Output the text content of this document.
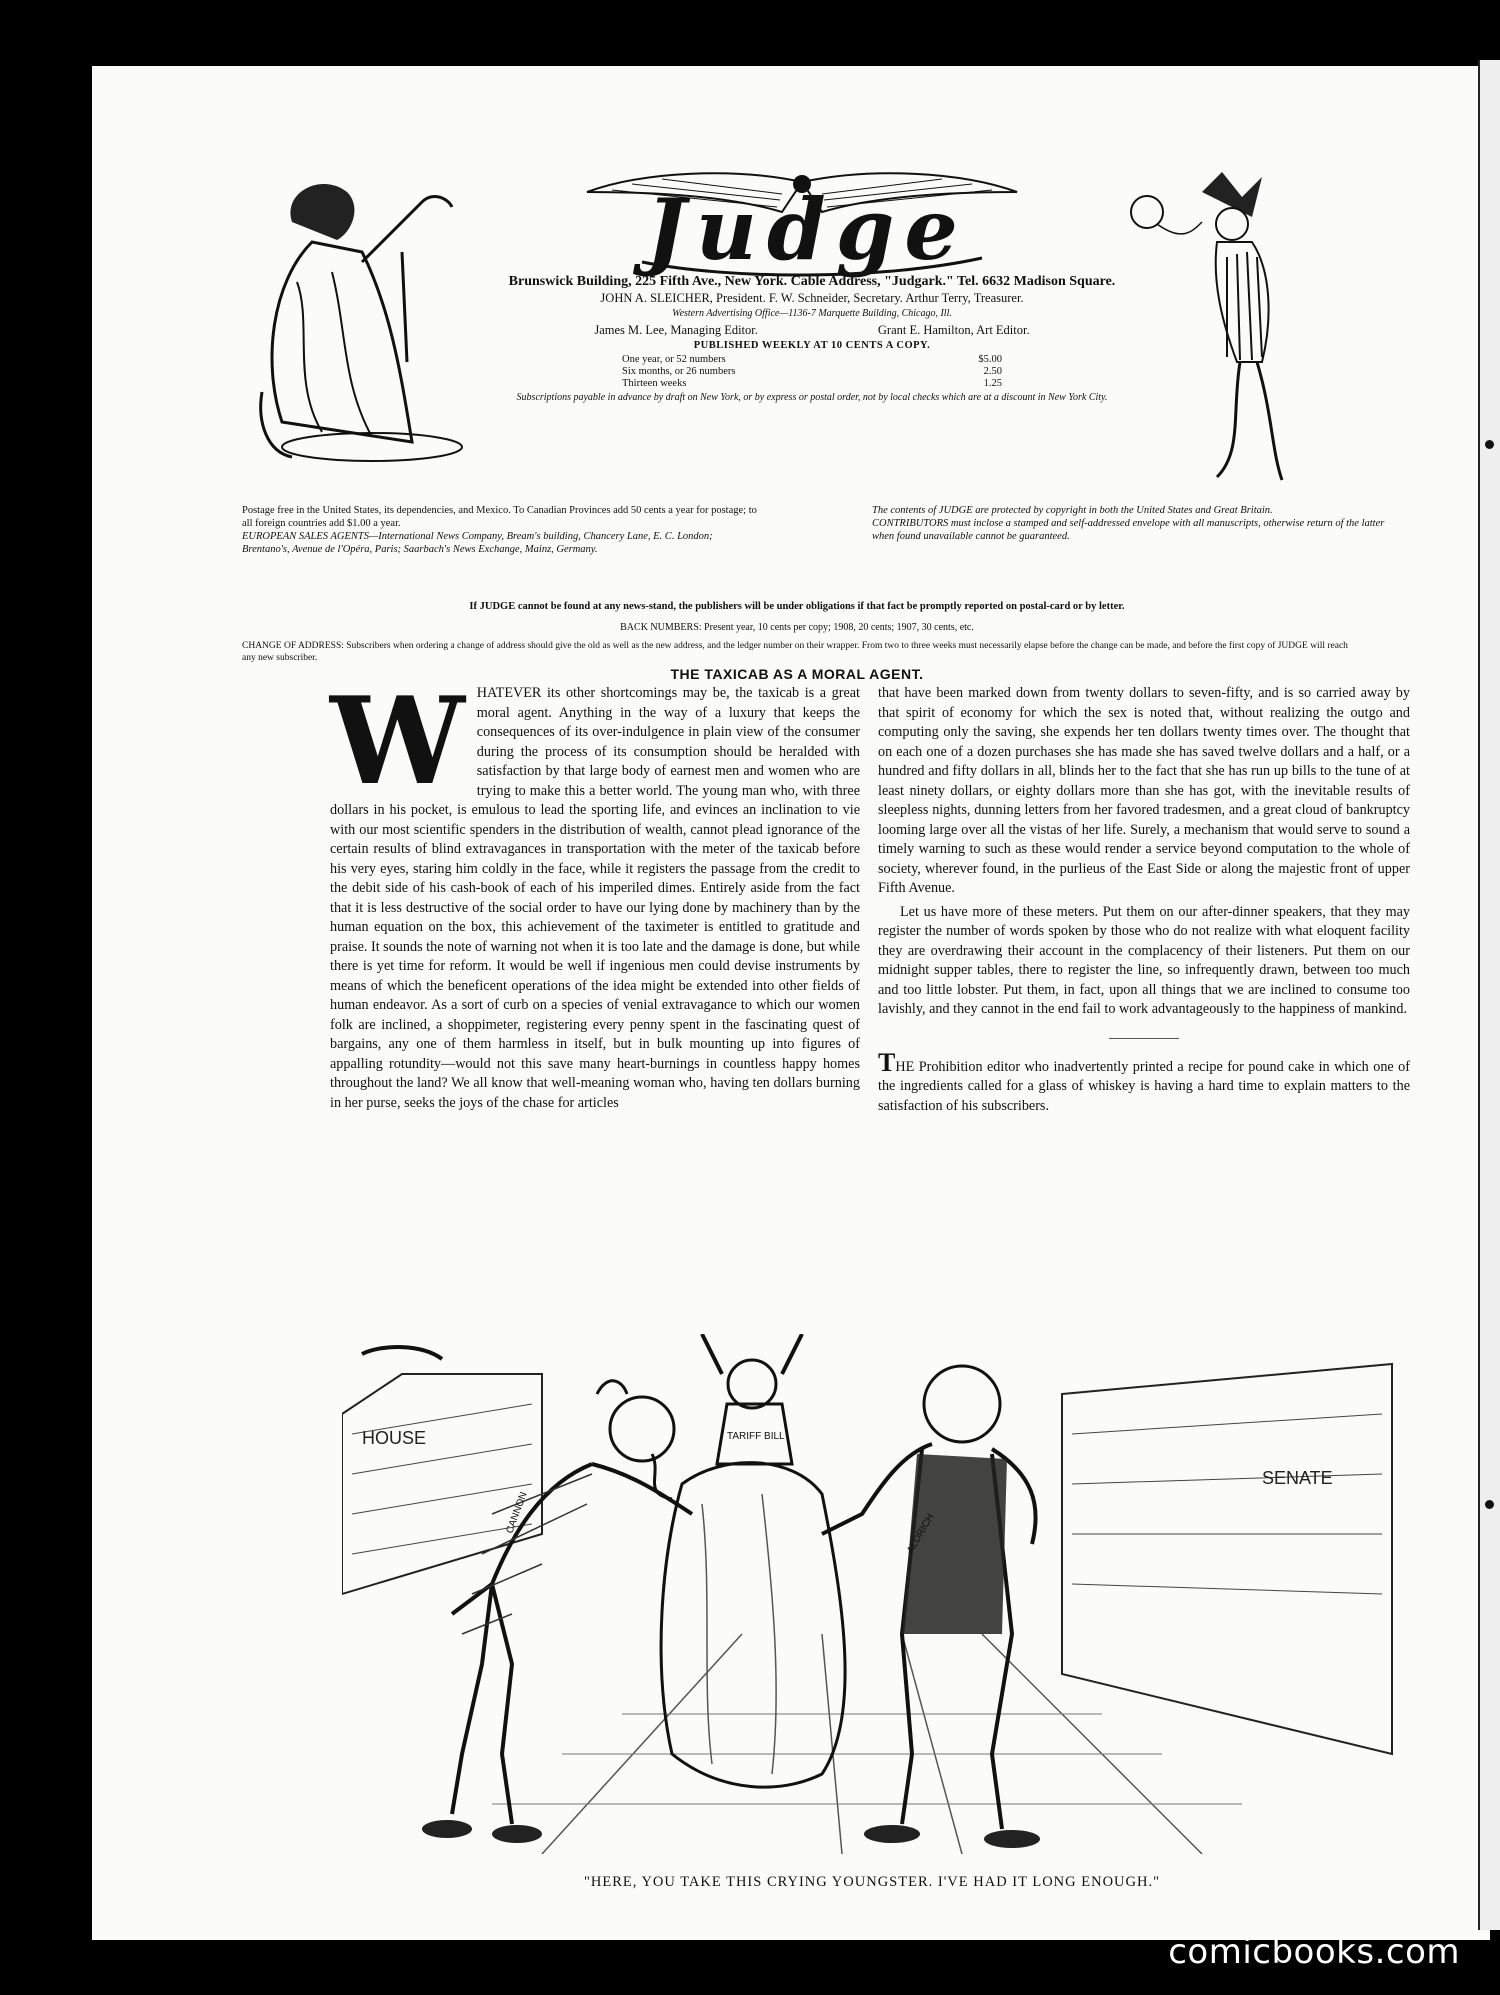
Judge
Brunswick Building, 225 Fifth Ave., New York. Cable Address, "Judgark." Tel. 6632 Madison Square.
JOHN A. SLEICHER, President. F. W. Schneider, Secretary. Arthur Terry, Treasurer.
Western Advertising Office—1136-7 Marquette Building, Chicago, Ill.
James M. Lee, Managing Editor.	Grant E. Hamilton, Art Editor.
PUBLISHED WEEKLY AT 10 CENTS A COPY.
One year, or 52 numbers	$5.00
Six months, or 26 numbers	2.50
Thirteen weeks	1.25
Subscriptions payable in advance by draft on New York, or by express or postal order, not by local checks which are at a discount in New York City.
Postage free in the United States, its dependencies, and Mexico. To Canadian Provinces add 50 cents a year for postage; to all foreign countries add $1.00 a year.
EUROPEAN SALES AGENTS—International News Company, Bream's building, Chancery Lane, E. C. London; Brentano's, Avenue de l'Opéra, Paris; Saarbach's News Exchange, Mainz, Germany.
The contents of JUDGE are protected by copyright in both the United States and Great Britain.
CONTRIBUTORS must inclose a stamped and self-addressed envelope with all manuscripts, otherwise return of the latter when found unavailable cannot be guaranteed.
If JUDGE cannot be found at any news-stand, the publishers will be under obligations if that fact be promptly reported on postal-card or by letter.
BACK NUMBERS: Present year, 10 cents per copy; 1908, 20 cents; 1907, 30 cents, etc.
CHANGE OF ADDRESS: Subscribers when ordering a change of address should give the old as well as the new address, and the ledger number on their wrapper. From two to three weeks must necessarily elapse before the change can be made, and before the first copy of JUDGE will reach any new subscriber.
THE TAXICAB AS A MORAL AGENT.
W HATEVER its other shortcomings may be, the taxicab is a great moral agent. Anything in the way of a luxury that keeps the consequences of its over-indulgence in plain view of the consumer during the process of its consumption should be heralded with satisfaction by that large body of earnest men and women who are trying to make this a better world. The young man who, with three dollars in his pocket, is emulous to lead the sporting life, and evinces an inclination to vie with our most scientific spenders in the distribution of wealth, cannot plead ignorance of the certain results of blind extravagances in transportation with the meter of the taxicab before his very eyes, staring him coldly in the face, while it registers the passage from the credit to the debit side of his cash-book of each of his imperiled dimes. Entirely aside from the fact that it is less destructive of the social order to have our lying done by machinery than by the human equation on the box, this achievement of the taximeter is entitled to gratitude and praise. It sounds the note of warning not when it is too late and the damage is done, but while there is yet time for reform. It would be well if ingenious men could devise instruments by means of which the beneficent operations of the idea might be extended into other fields of human endeavor. As a sort of curb on a species of venial extravagance to which our women folk are inclined, a shoppimeter, registering every penny spent in the fascinating quest of bargains, any one of them harmless in itself, but in bulk mounting up into figures of appalling rotundity—would not this save many heart-burnings in countless happy homes throughout the land? We all know that well-meaning woman who, having ten dollars burning in her purse, seeks the joys of the chase for articles

that have been marked down from twenty dollars to seven-fifty, and is so carried away by that spirit of economy for which the sex is noted that, without realizing the outgo and computing only the saving, she expends her ten dollars twenty times over. The thought that on each one of a dozen purchases she has made she has saved twelve dollars and a half, or a hundred and fifty dollars in all, blinds her to the fact that she has run up bills to the tune of at least ninety dollars, or eighty dollars more than she has got, with the inevitable results of sleepless nights, dunning letters from her favored tradesmen, and a great cloud of bankruptcy looming large over all the vistas of her life. Surely, a mechanism that would serve to sound a timely warning to such as these would render a service beyond computation to the whole of society, wherever found, in the purlieus of the East Side or along the majestic front of upper Fifth Avenue.

Let us have more of these meters. Put them on our after-dinner speakers, that they may register the number of words spoken by those who do not realize with what eloquent facility they are overdrawing their account in the complacency of their listeners. Put them on our midnight supper tables, there to register the line, so infrequently drawn, between too much and too little lobster. Put them, in fact, upon all things that we are inclined to consume too lavishly, and they cannot in the end fail to work advantageously to the happiness of mankind.

THE Prohibition editor who inadvertently printed a recipe for pound cake in which one of the ingredients called for a glass of whiskey is having a hard time to explain matters to the satisfaction of his subscribers.

HOUSE
SENATE
TARIFF BILL
CANNON	ALDRICH
"HERE, YOU TAKE THIS CRYING YOUNGSTER. I'VE HAD IT LONG ENOUGH."
comicbooks.com
